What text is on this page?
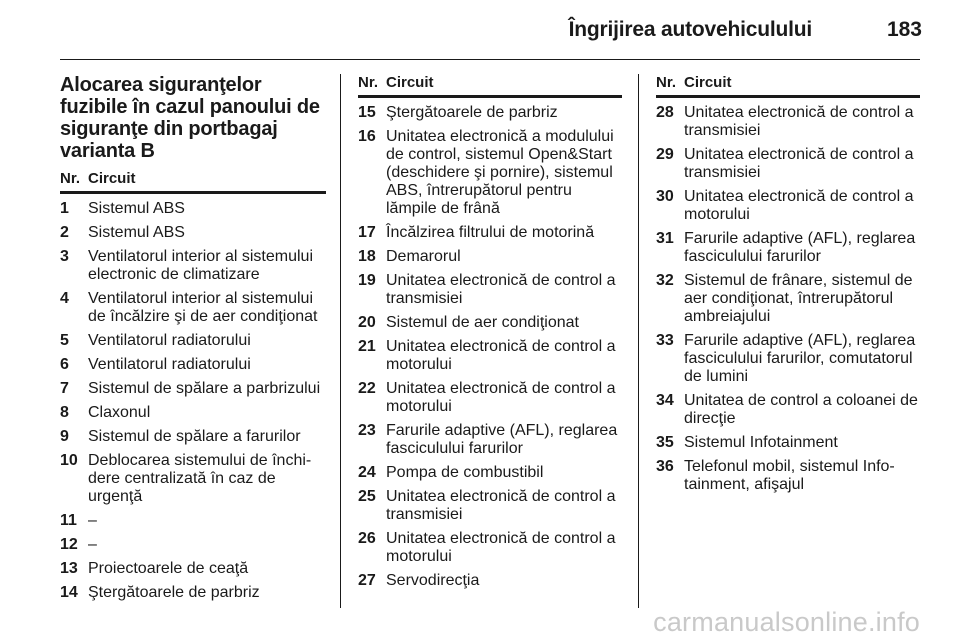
Îngrijirea autovehiculului	183
Alocarea siguranţelor fuzibile în cazul panoului de siguranţe din portbagaj varianta B
Nr. Circuit
1	Sistemul ABS
2	Sistemul ABS
3	Ventilatorul interior al sistemului electronic de climatizare
4	Ventilatorul interior al sistemului de încălzire şi de aer condiţionat
5	Ventilatorul radiatorului
6	Ventilatorul radiatorului
7	Sistemul de spălare a parbrizului
8	Claxonul
9	Sistemul de spălare a farurilor
10 Deblocarea sistemului de închi-dere centralizată în caz de urgenţă
11 –
12 –
13 Proiectoarele de ceaţă
14 Ştergătoarele de parbriz
Nr. Circuit
15 Ştergătoarele de parbriz
16 Unitatea electronică a modulului de control, sistemul Open&Start (deschidere şi pornire), sistemul ABS, întrerupătorul pentru lămpile de frână
17 Încălzirea filtrului de motorină
18 Demarorul
19 Unitatea electronică de control a transmisiei
20 Sistemul de aer condiţionat
21 Unitatea electronică de control a motorului
22 Unitatea electronică de control a motorului
23 Farurile adaptive (AFL), reglarea fasciculului farurilor
24 Pompa de combustibil
25 Unitatea electronică de control a transmisiei
26 Unitatea electronică de control a motorului
27 Servodirecţia
Nr. Circuit
28 Unitatea electronică de control a transmisiei
29 Unitatea electronică de control a transmisiei
30 Unitatea electronică de control a motorului
31 Farurile adaptive (AFL), reglarea fasciculului farurilor
32 Sistemul de frânare, sistemul de aer condiţionat, întrerupătorul ambreiajului
33 Farurile adaptive (AFL), reglarea fasciculului farurilor, comutatorul de lumini
34 Unitatea de control a coloanei de direcţie
35 Sistemul Infotainment
36 Telefonul mobil, sistemul Info-tainment, afişajul
carmanualsonline.info
